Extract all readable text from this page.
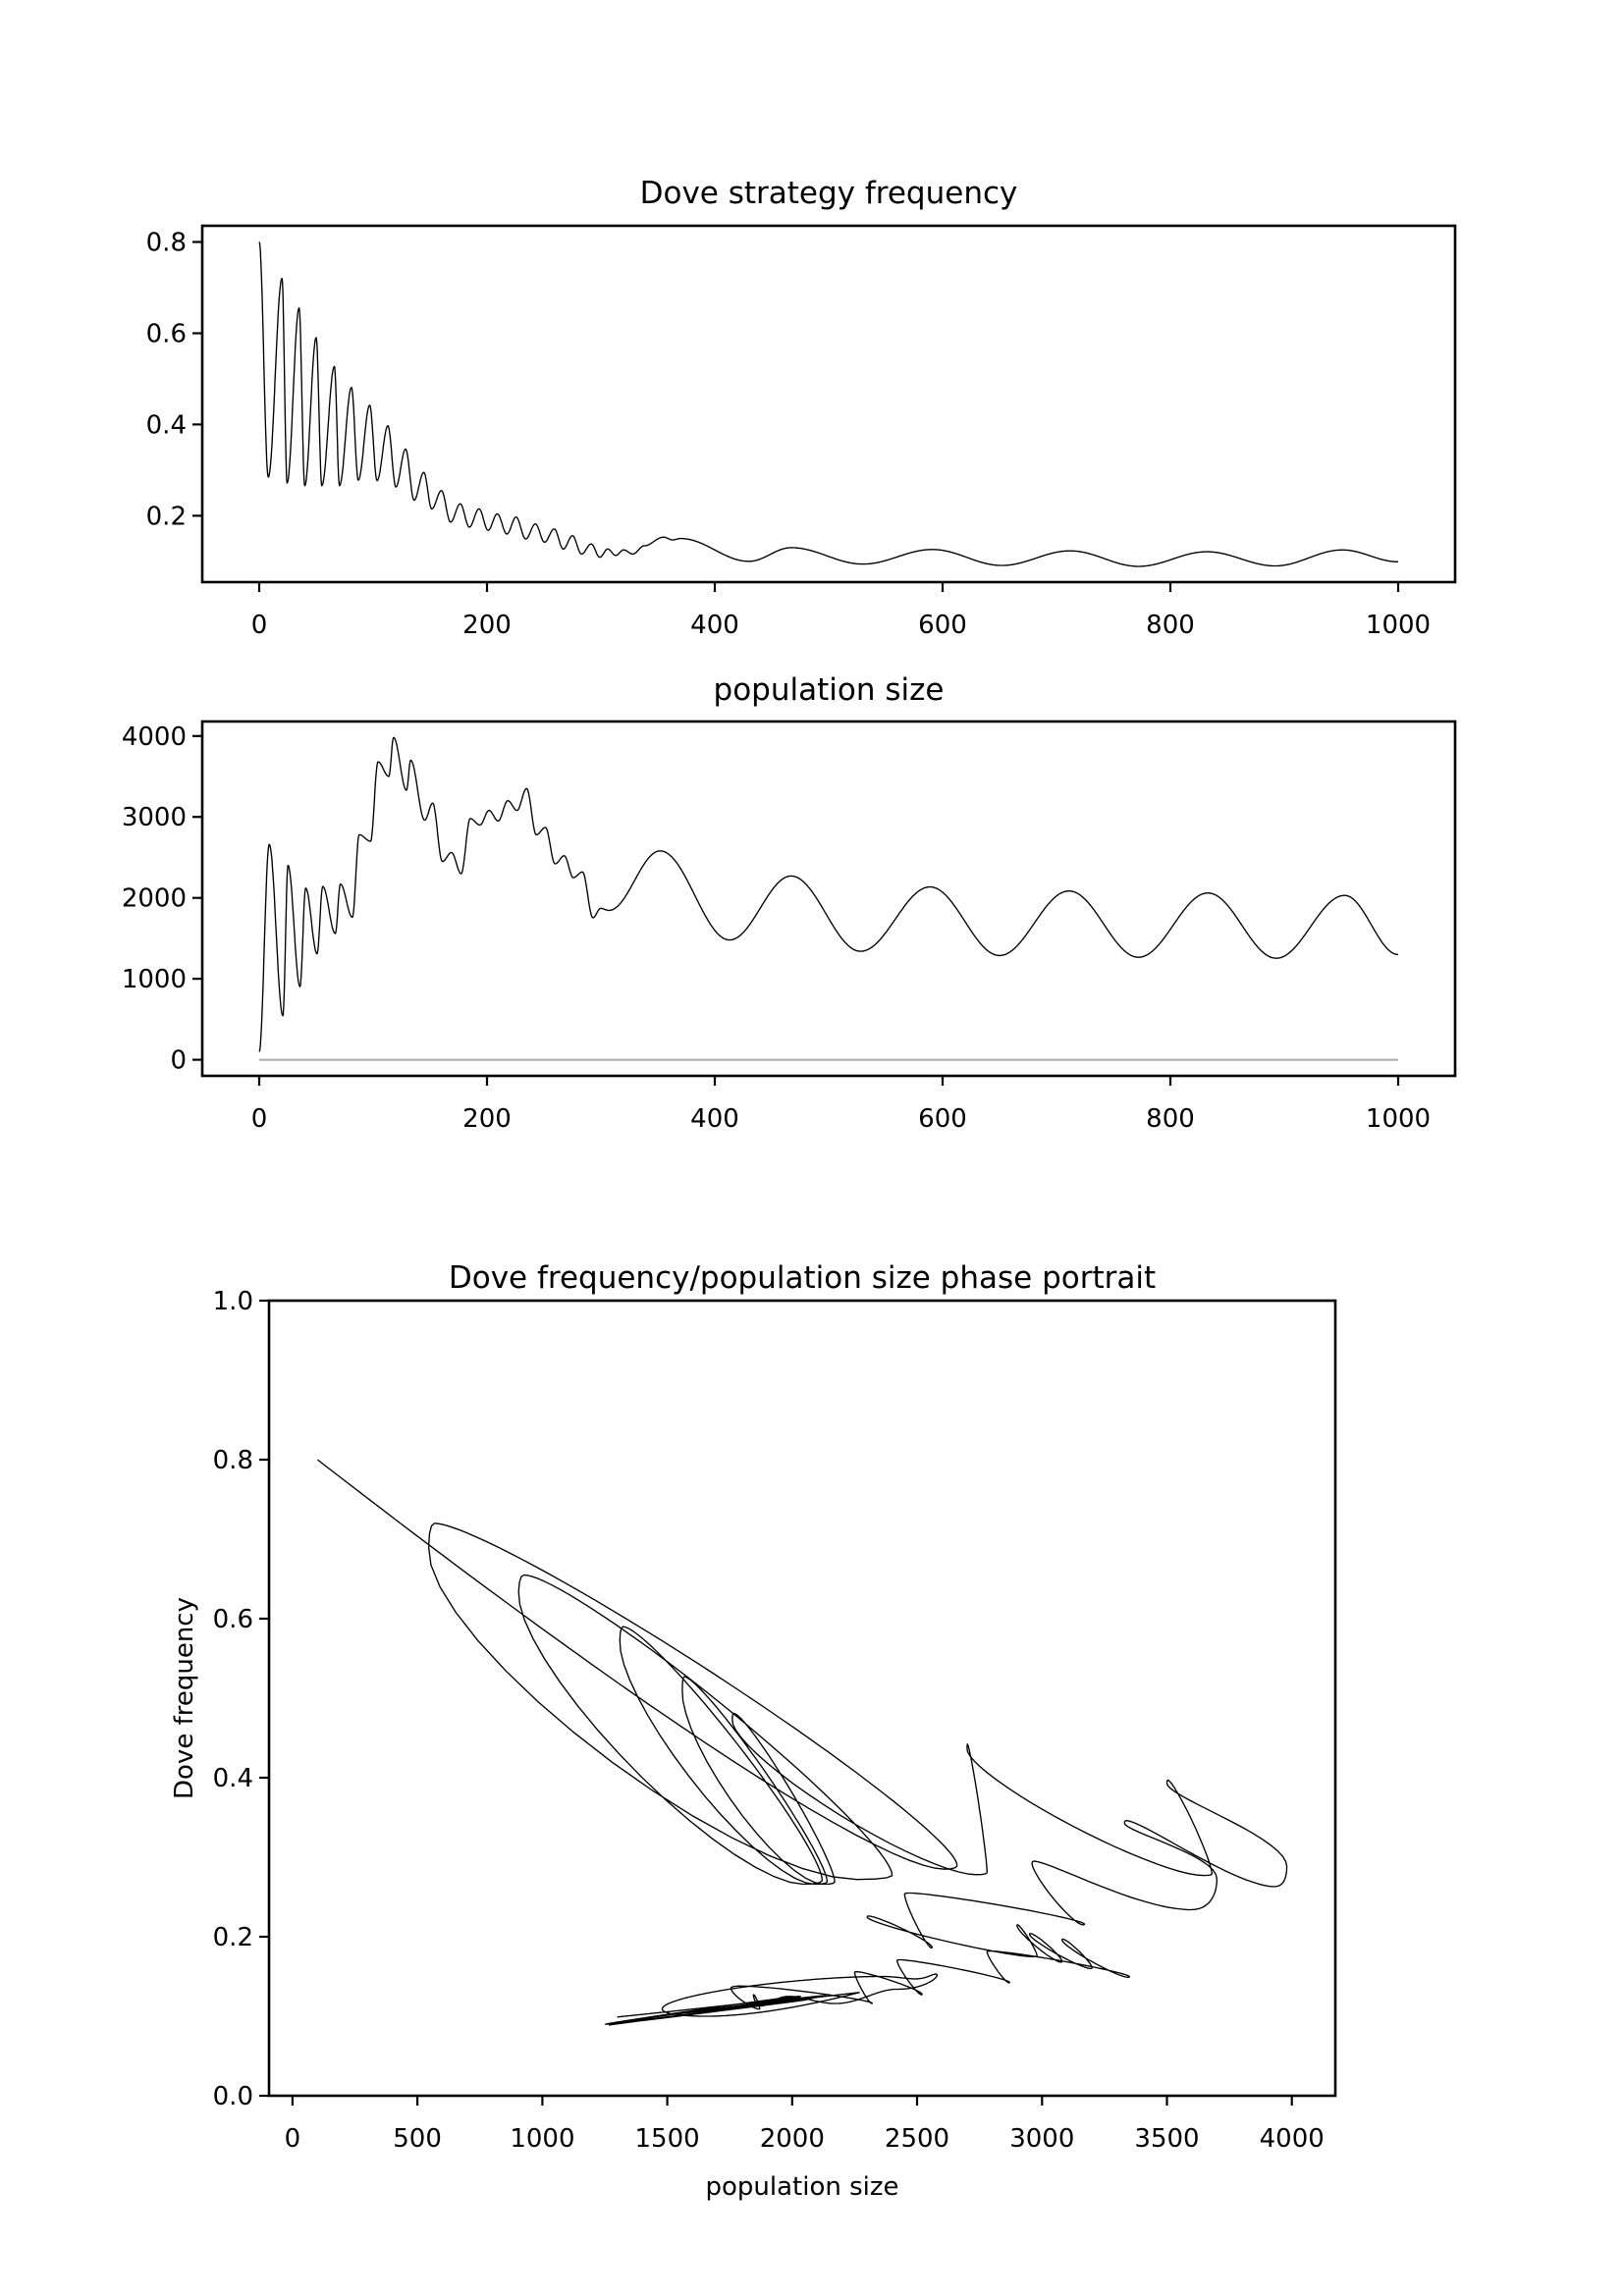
Dove strategy frequency
population size
Dove frequency/population size phase portrait
population size
Dove frequency
0	200	400	600	800	1000
0.2
0.4
0.6
0.8
0	200	400	600	800	1000
0
1000
2000
3000
4000
0	500	1000 1500 2000 2500 3000 3500 4000
0.0
0.2
0.4
0.6
0.8
1.0
